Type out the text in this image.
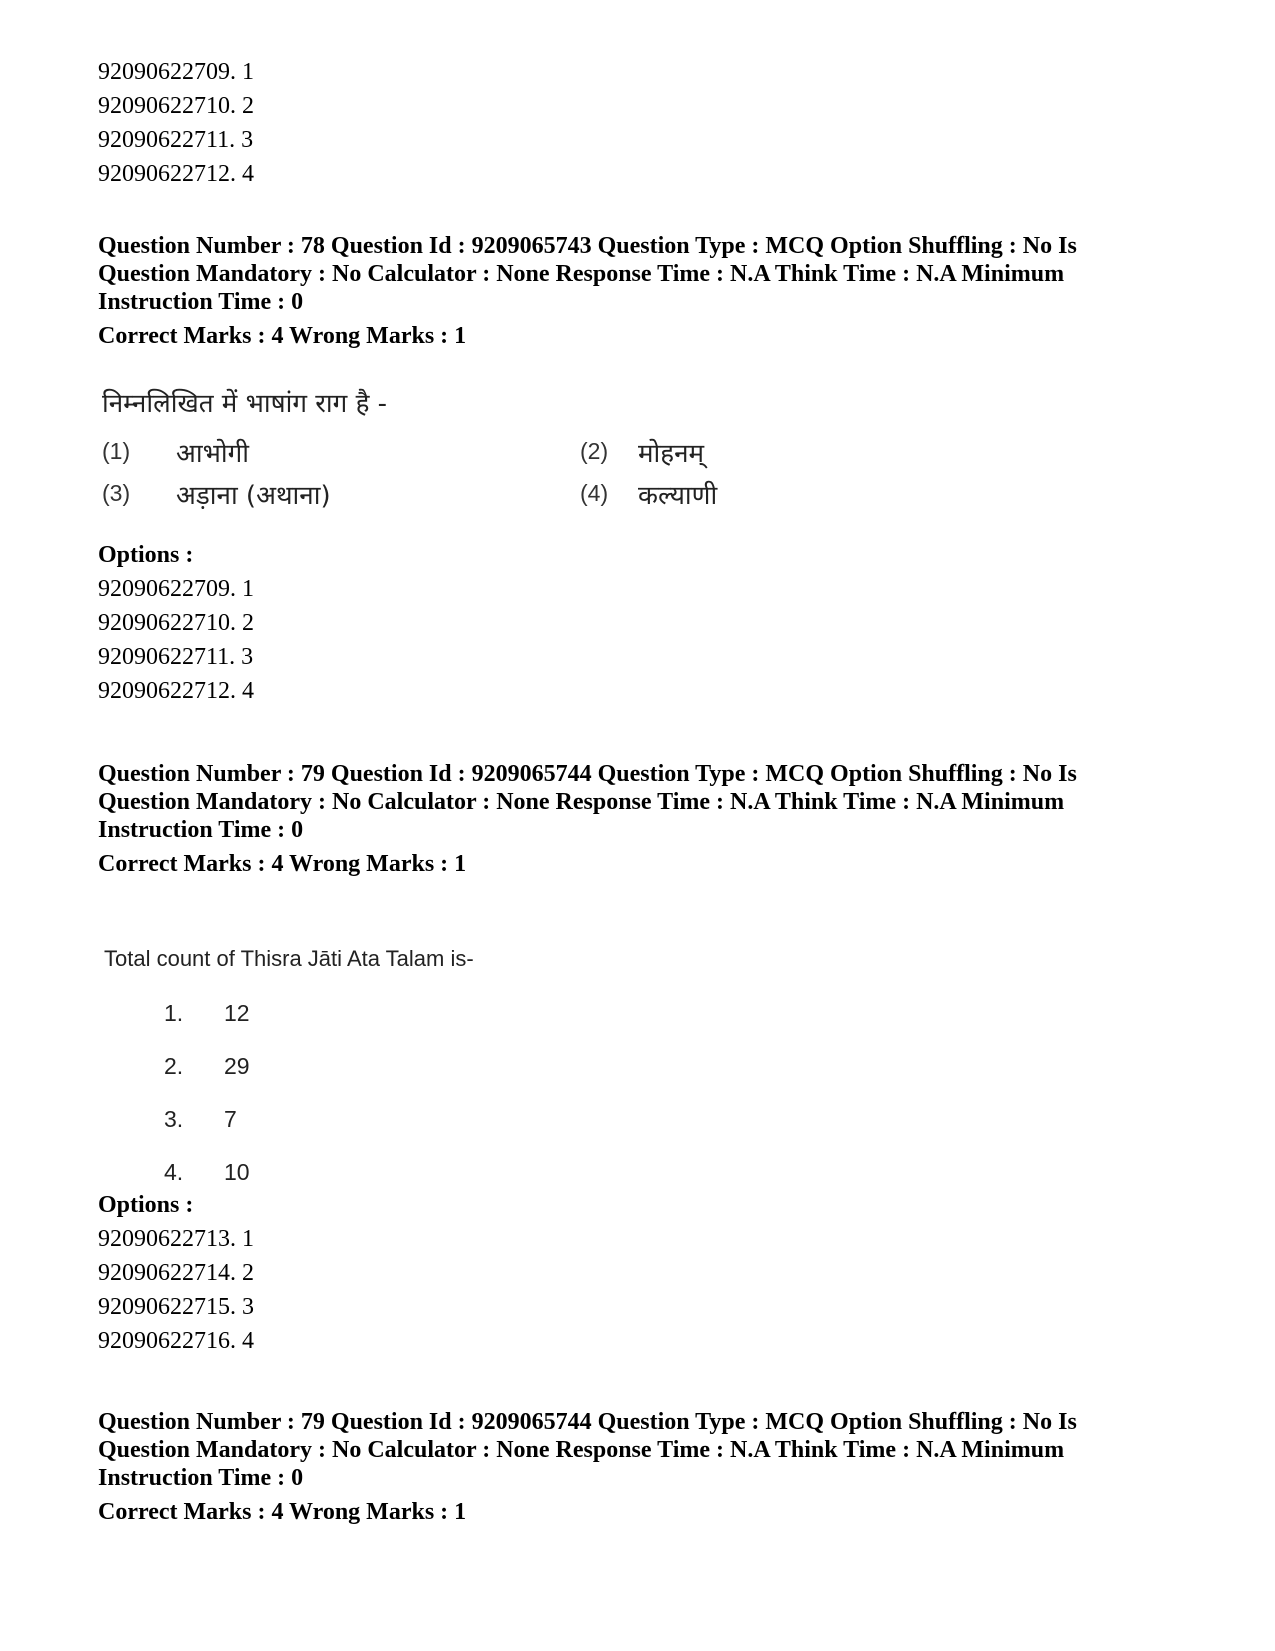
92090622709. 1
92090622710. 2
92090622711. 3
92090622712. 4
Question Number : 78 Question Id : 9209065743 Question Type : MCQ Option Shuffling : No Is
Question Mandatory : No Calculator : None Response Time : N.A Think Time : N.A Minimum
Instruction Time : 0
Correct Marks : 4 Wrong Marks : 1
निम्नलिखित में भाषांग राग है -
(1) आभोगी	(2) मोहनम्
(3) अड़ाना (अथाना)	(4) कल्याणी
Options :
92090622709. 1
92090622710. 2
92090622711. 3
92090622712. 4
Question Number : 79 Question Id : 9209065744 Question Type : MCQ Option Shuffling : No Is
Question Mandatory : No Calculator : None Response Time : N.A Think Time : N.A Minimum
Instruction Time : 0
Correct Marks : 4 Wrong Marks : 1
Total count of Thisra Jāti Ata Talam is-
1. 12
2. 29
3. 7
4. 10
Options :
92090622713. 1
92090622714. 2
92090622715. 3
92090622716. 4
Question Number : 79 Question Id : 9209065744 Question Type : MCQ Option Shuffling : No Is
Question Mandatory : No Calculator : None Response Time : N.A Think Time : N.A Minimum
Instruction Time : 0
Correct Marks : 4 Wrong Marks : 1
